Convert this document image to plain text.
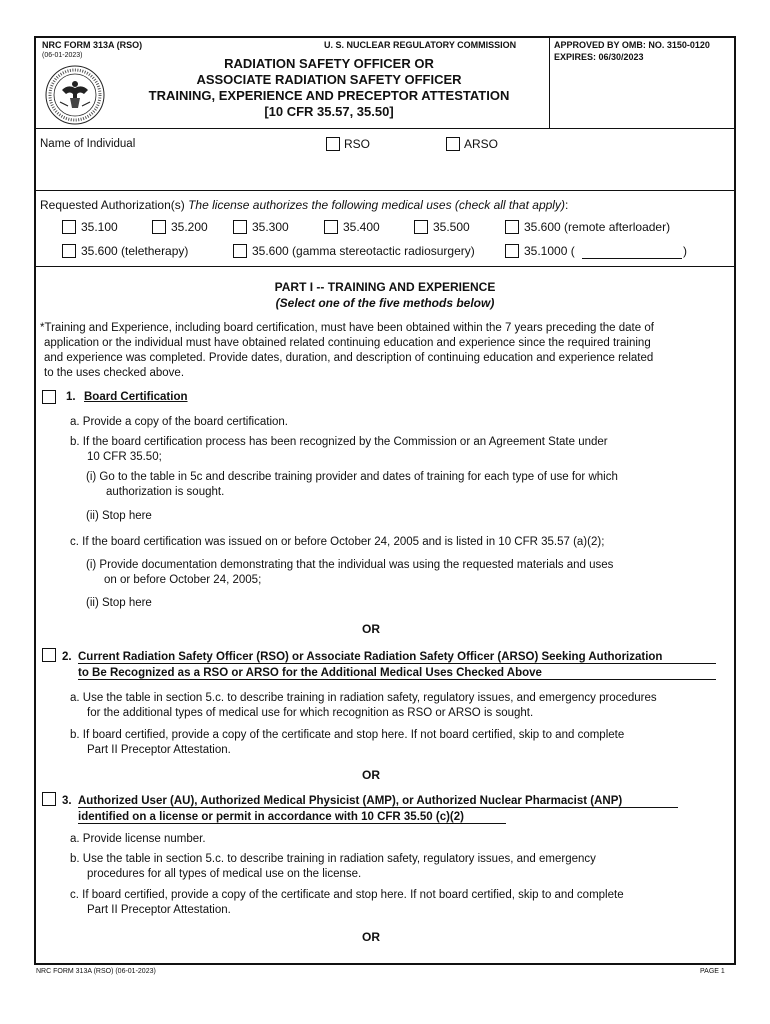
NRC FORM 313A (RSO)
(06-01-2023)
U. S. NUCLEAR REGULATORY COMMISSION
RADIATION SAFETY OFFICER OR
ASSOCIATE RADIATION SAFETY OFFICER
TRAINING, EXPERIENCE AND PRECEPTOR ATTESTATION
[10 CFR 35.57, 35.50]
APPROVED BY OMB: NO. 3150-0120
EXPIRES: 06/30/2023
Name of Individual	RSO	ARSO
Requested Authorization(s) The license authorizes the following medical uses (check all that apply):
35.100	35.200	35.300	35.400	35.500	35.600 (remote afterloader)
35.600 (teletherapy)	35.600 (gamma stereotactic radiosurgery)	35.1000 (	)
PART I -- TRAINING AND EXPERIENCE
(Select one of the five methods below)
*Training and Experience, including board certification, must have been obtained within the 7 years preceding the date of
application or the individual must have obtained related continuing education and experience since the required training
and experience was completed. Provide dates, duration, and description of continuing education and experience related
to the uses checked above.
1. Board Certification
a. Provide a copy of the board certification.
b. If the board certification process has been recognized by the Commission or an Agreement State under
10 CFR 35.50;
(i) Go to the table in 5c and describe training provider and dates of training for each type of use for which
authorization is sought.
(ii) Stop here
c. If the board certification was issued on or before October 24, 2005 and is listed in 10 CFR 35.57 (a)(2);
(i) Provide documentation demonstrating that the individual was using the requested materials and uses
on or before October 24, 2005;
(ii) Stop here
OR
2. Current Radiation Safety Officer (RSO) or Associate Radiation Safety Officer (ARSO) Seeking Authorization
to Be Recognized as a RSO or ARSO for the Additional Medical Uses Checked Above
a. Use the table in section 5.c. to describe training in radiation safety, regulatory issues, and emergency procedures
for the additional types of medical use for which recognition as RSO or ARSO is sought.
b. If board certified, provide a copy of the certificate and stop here. If not board certified, skip to and complete
Part II Preceptor Attestation.
OR
3. Authorized User (AU), Authorized Medical Physicist (AMP), or Authorized Nuclear Pharmacist (ANP)
identified on a license or permit in accordance with 10 CFR 35.50 (c)(2)
a. Provide license number.
b. Use the table in section 5.c. to describe training in radiation safety, regulatory issues, and emergency
procedures for all types of medical use on the license.
c. If board certified, provide a copy of the certificate and stop here. If not board certified, skip to and complete
Part II Preceptor Attestation.
OR
NRC FORM 313A (RSO) (06-01-2023)	PAGE 1
